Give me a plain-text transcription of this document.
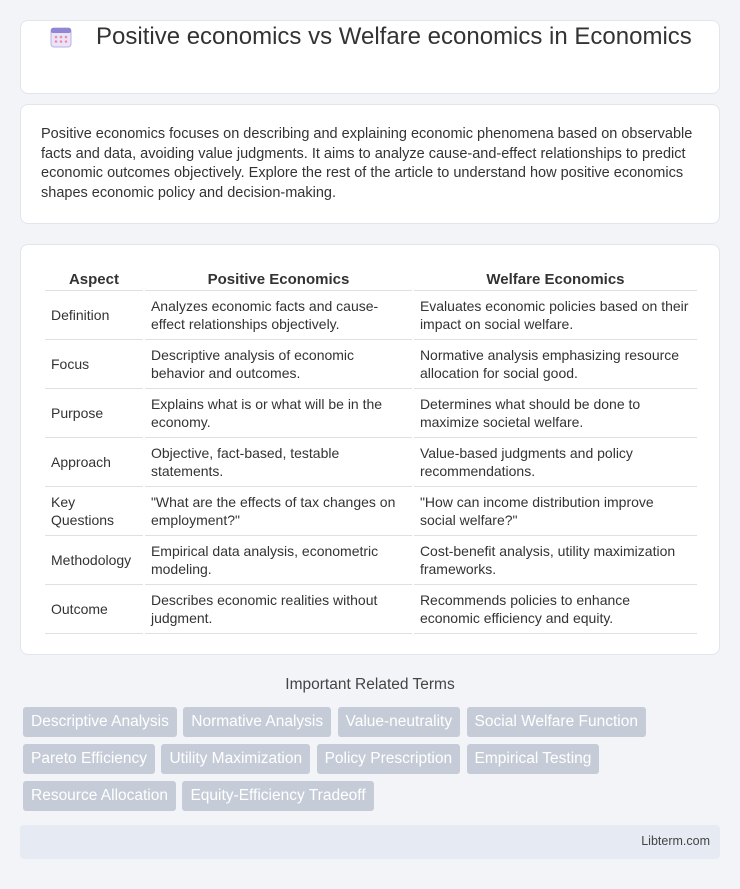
Positive economics vs Welfare economics in Economics

Positive economics focuses on describing and explaining economic phenomena based on observable facts and data, avoiding value judgments. It aims to analyze cause-and-effect relationships to predict economic outcomes objectively. Explore the rest of the article to understand how positive economics shapes economic policy and decision-making.

Aspect	Positive Economics	Welfare Economics
Definition	Analyzes economic facts and cause-effect relationships objectively.	Evaluates economic policies based on their impact on social welfare.
Focus	Descriptive analysis of economic behavior and outcomes.	Normative analysis emphasizing resource allocation for social good.
Purpose	Explains what is or what will be in the economy.	Determines what should be done to maximize societal welfare.
Approach	Objective, fact-based, testable statements.	Value-based judgments and policy recommendations.
Key Questions	"What are the effects of tax changes on employment?"	"How can income distribution improve social welfare?"
Methodology	Empirical data analysis, econometric modeling.	Cost-benefit analysis, utility maximization frameworks.
Outcome	Describes economic realities without judgment.	Recommends policies to enhance economic efficiency and equity.
Important Related Terms
Descriptive Analysis Normative Analysis Value-neutrality Social Welfare Function
Pareto Efficiency Utility Maximization Policy Prescription Empirical Testing
Resource Allocation Equity-Efficiency Tradeoff
Libterm.com
